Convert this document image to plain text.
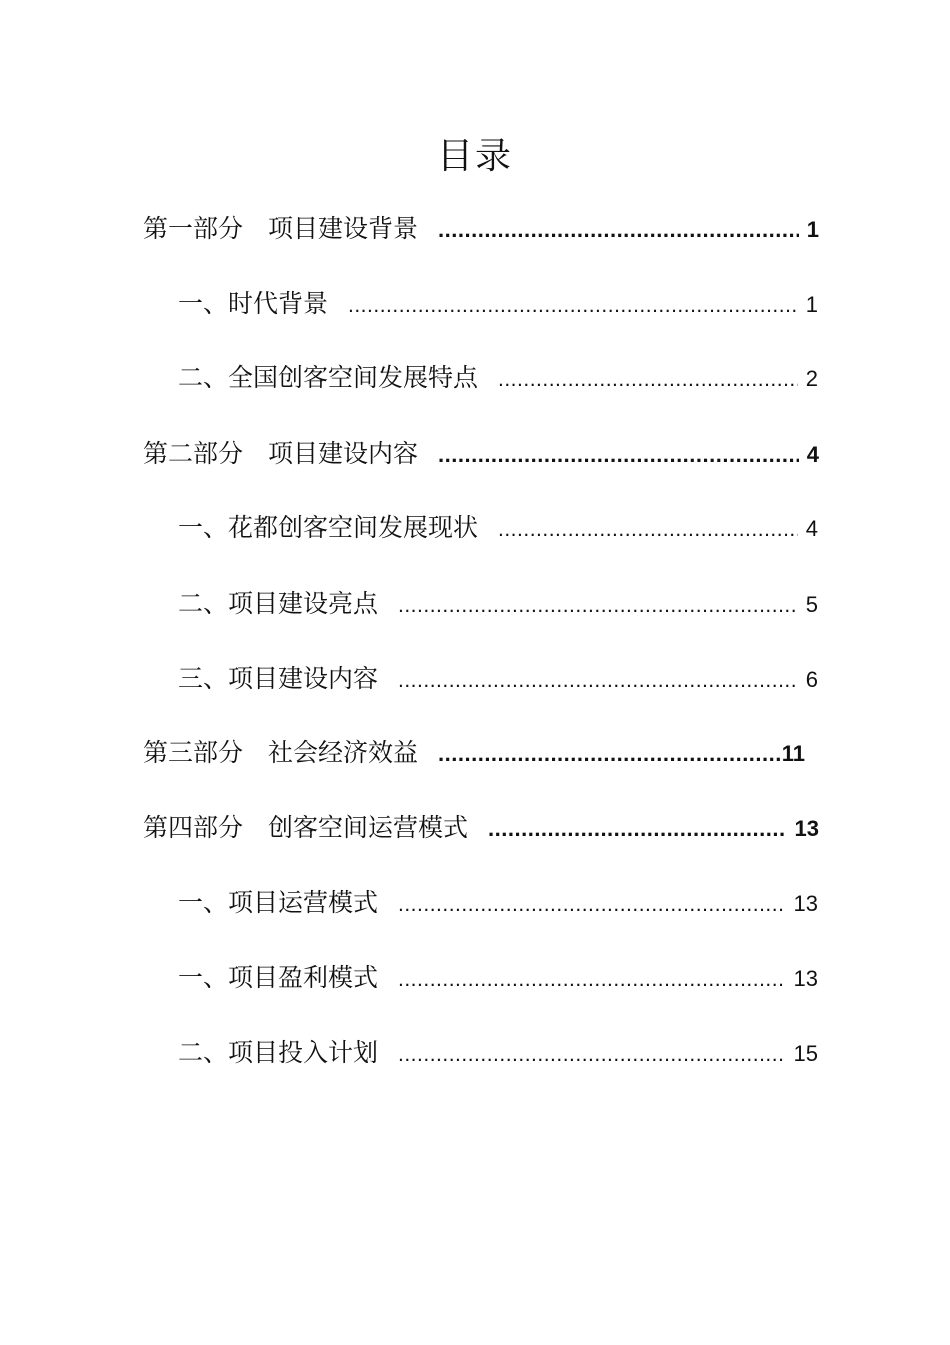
目录
第一部分 项目建设背景 .....	1
一、时代背景 .....	1
二、全国创客空间发展特点 .....	2
第二部分 项目建设内容 .....	4
一、花都创客空间发展现状 .....	4
二、项目建设亮点 .....	5
三、项目建设内容 .....	6
第三部分 社会经济效益 .....	11
第四部分 创客空间运营模式 .....	13
一、项目运营模式 .....	13
一、项目盈利模式 .....	13
二、项目投入计划 .....	15
